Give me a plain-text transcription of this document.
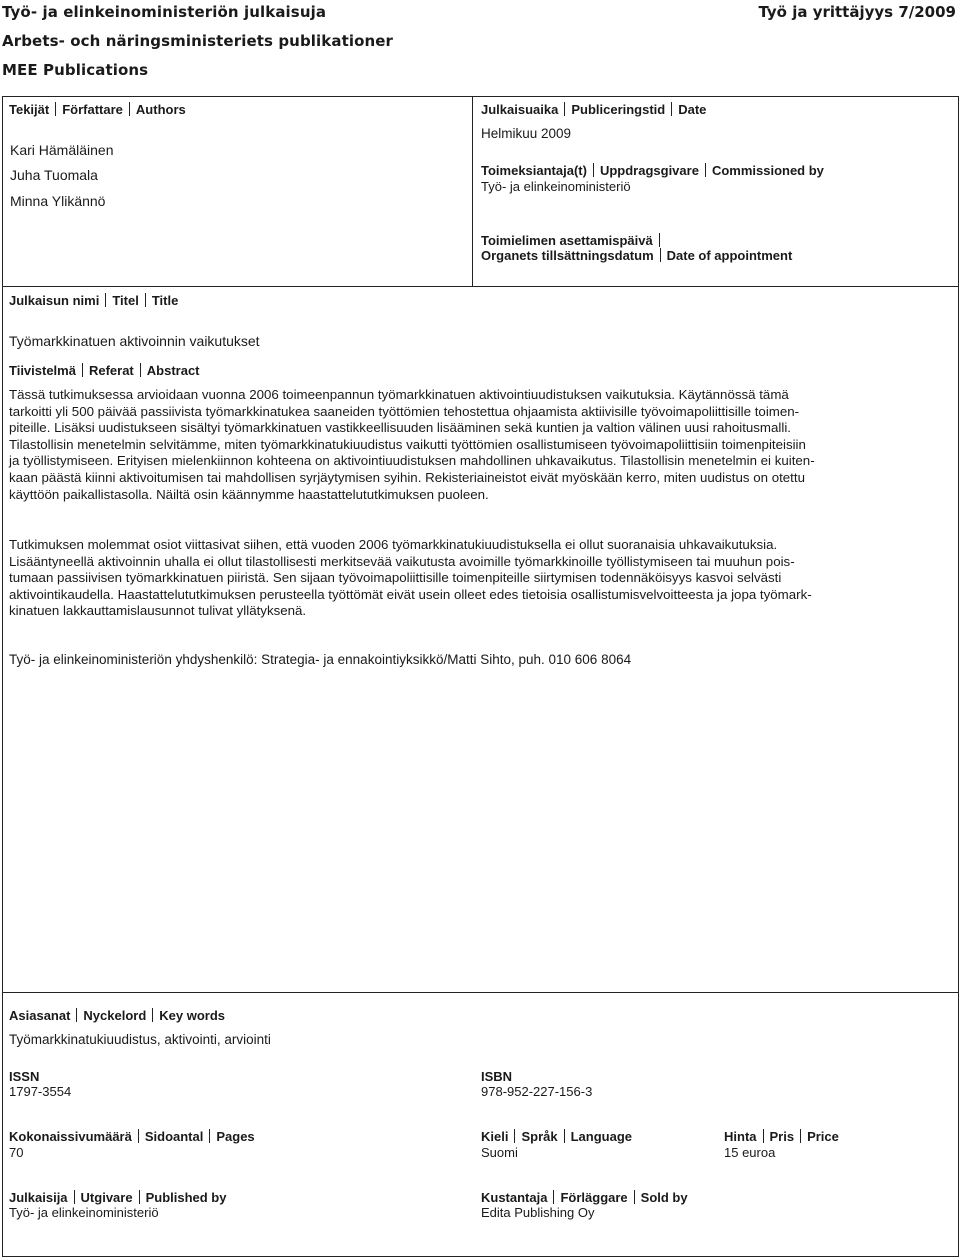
Työ- ja elinkeinoministeriön julkaisuja
Arbets- och näringsministeriets publikationer
MEE Publications
Työ ja yrittäjyys 7/2009
Tekijät Författare Authors
Kari Hämäläinen
Juha Tuomala
Minna Ylikännö
Julkaisuaika Publiceringstid Date
Helmikuu 2009
Toimeksiantaja(t) Uppdragsgivare Commissioned by
Työ- ja elinkeinoministeriö
Toimielimen asettamispäivä
Organets tillsättningsdatum Date of appointment
Julkaisun nimi Titel Title
Työmarkkinatuen aktivoinnin vaikutukset
Tiivistelmä Referat Abstract
Tässä tutkimuksessa arvioidaan vuonna 2006 toimeenpannun työmarkkinatuen aktivointiuudistuksen vaikutuksia. Käytännössä tämä
tarkoitti yli 500 päivää passiivista työmarkkinatukea saaneiden työttömien tehostettua ohjaamista aktiivisille työvoimapoliittisille toimen-
piteille. Lisäksi uudistukseen sisältyi työmarkkinatuen vastikkeellisuuden lisääminen sekä kuntien ja valtion välinen uusi rahoitusmalli.
Tilastollisin menetelmin selvitämme, miten työmarkkinatukiuudistus vaikutti työttömien osallistumiseen työvoimapoliittisiin toimenpiteisiin
ja työllistymiseen. Erityisen mielenkiinnon kohteena on aktivointiuudistuksen mahdollinen uhkavaikutus. Tilastollisin menetelmin ei kuiten-
kaan päästä kiinni aktivoitumisen tai mahdollisen syrjäytymisen syihin. Rekisteriaineistot eivät myöskään kerro, miten uudistus on otettu
käyttöön paikallistasolla. Näiltä osin käännymme haastattelututkimuksen puoleen.
Tutkimuksen molemmat osiot viittasivat siihen, että vuoden 2006 työmarkkinatukiuudistuksella ei ollut suoranaisia uhkavaikutuksia.
Lisääntyneellä aktivoinnin uhalla ei ollut tilastollisesti merkitsevää vaikutusta avoimille työmarkkinoille työllistymiseen tai muuhun pois-
tumaan passiivisen työmarkkinatuen piiristä. Sen sijaan työvoimapoliittisille toimenpiteille siirtymisen todennäköisyys kasvoi selvästi
aktivointikaudella. Haastattelututkimuksen perusteella työttömät eivät usein olleet edes tietoisia osallistumisvelvoitteesta ja jopa työmark-
kinatuen lakkauttamislausunnot tulivat yllätyksenä.
Työ- ja elinkeinoministeriön yhdyshenkilö: Strategia- ja ennakointiyksikkö/Matti Sihto, puh. 010 606 8064
Asiasanat Nyckelord Key words
Työmarkkinatukiuudistus, aktivointi, arviointi
ISSN
1797-3554
ISBN
978-952-227-156-3
Kokonaissivumäärä Sidoantal Pages
70
Kieli Språk Language
Suomi
Hinta Pris Price
15 euroa
Julkaisija Utgivare Published by
Työ- ja elinkeinoministeriö
Kustantaja Förläggare Sold by
Edita Publishing Oy
